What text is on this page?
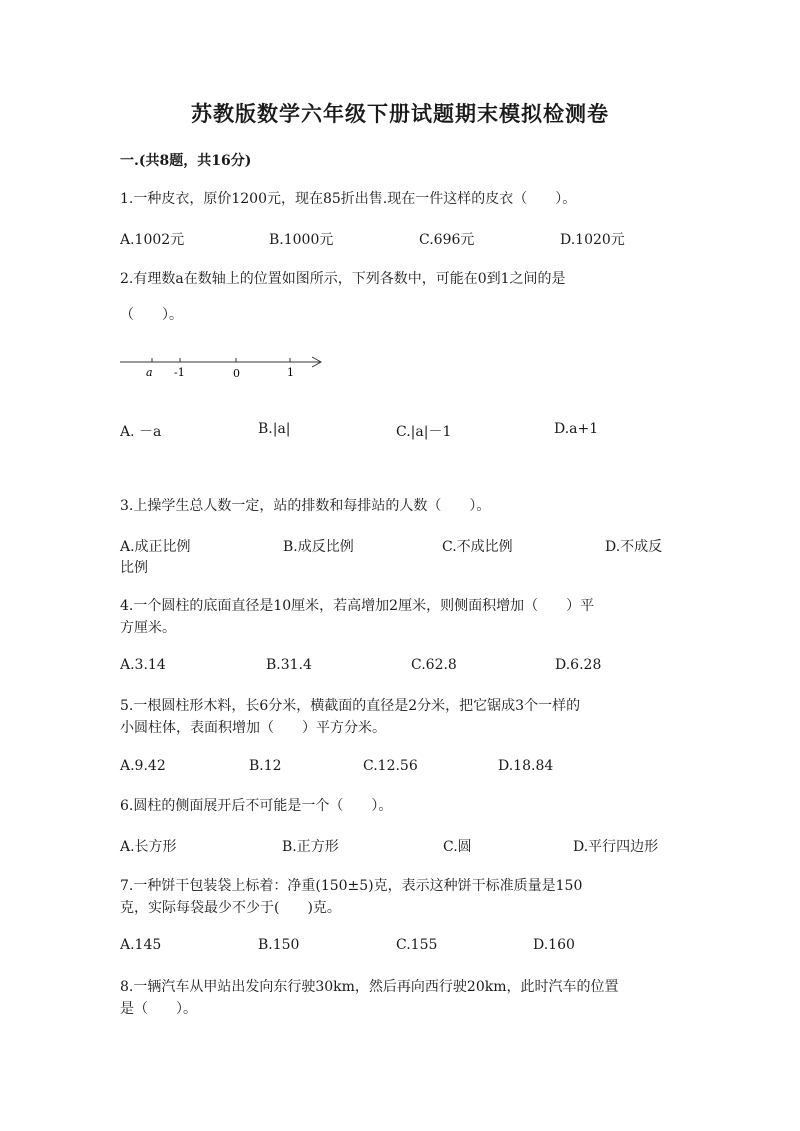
苏教版数学六年级下册试题期末模拟检测卷
一.(共8题，共16分)
1.一种皮衣，原价1200元，现在85折出售.现在一件这样的皮衣（　　）。
A.1002元	B.1000元	C.696元	D.1020元
2.有理数a在数轴上的位置如图所示，下列各数中，可能在0到1之间的是
（　　）。
a -1	0	1
A. －a	B.|a|	C.|a|－1	D.a+1
3.上操学生总人数一定，站的排数和每排站的人数（　　）。
A.成正比例	B.成反比例	C.不成比例	D.不成反
比例
4.一个圆柱的底面直径是10厘米，若高增加2厘米，则侧面积增加（　　）平
方厘米。
A.3.14	B.31.4	C.62.8	D.6.28
5.一根圆柱形木料，长6分米，横截面的直径是2分米，把它锯成3个一样的
小圆柱体，表面积增加（　　）平方分米。
A.9.42	B.12	C.12.56	D.18.84
6.圆柱的侧面展开后不可能是一个（　　）。
A.长方形	B.正方形	C.圆	D.平行四边形
7.一种饼干包装袋上标着：净重(150±5)克，表示这种饼干标准质量是150
克，实际每袋最少不少于(　　)克。
A.145	B.150	C.155	D.160
8.一辆汽车从甲站出发向东行驶30km，然后再向西行驶20km，此时汽车的位置
是（　　）。
